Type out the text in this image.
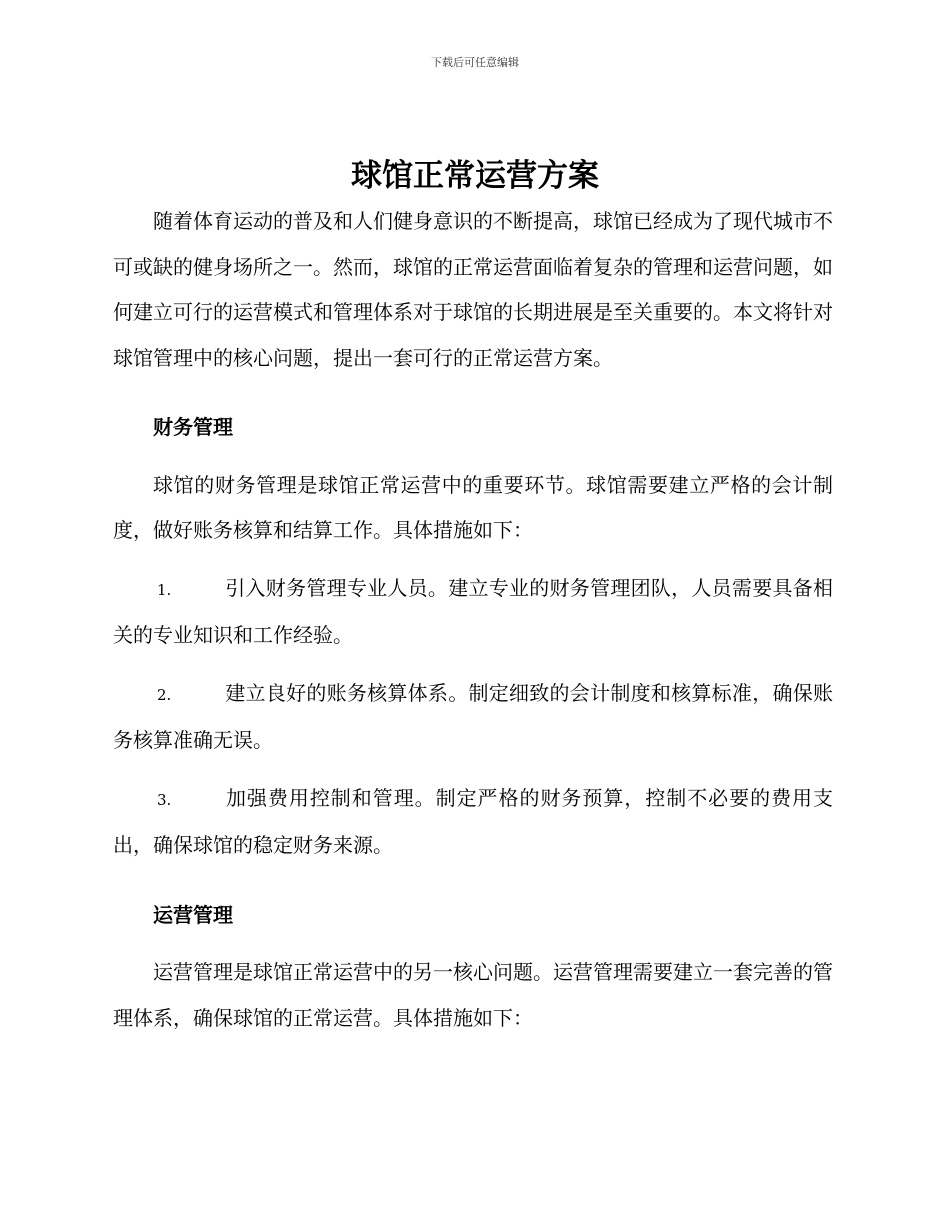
下载后可任意编辑
球馆正常运营方案

随着体育运动的普及和人们健身意识的不断提高，球馆已经成为了现代城市不可或缺的健身场所之一。然而，球馆的正常运营面临着复杂的管理和运营问题，如何建立可行的运营模式和管理体系对于球馆的长期进展是至关重要的。本文将针对球馆管理中的核心问题，提出一套可行的正常运营方案。

财务管理

球馆的财务管理是球馆正常运营中的重要环节。球馆需要建立严格的会计制度，做好账务核算和结算工作。具体措施如下：

1.	引入财务管理专业人员。建立专业的财务管理团队，人员需要具备相关的专业知识和工作经验。
2.	建立良好的账务核算体系。制定细致的会计制度和核算标准，确保账务核算准确无误。
3.	加强费用控制和管理。制定严格的财务预算，控制不必要的费用支出，确保球馆的稳定财务来源。
运营管理

运营管理是球馆正常运营中的另一核心问题。运营管理需要建立一套完善的管理体系，确保球馆的正常运营。具体措施如下：
